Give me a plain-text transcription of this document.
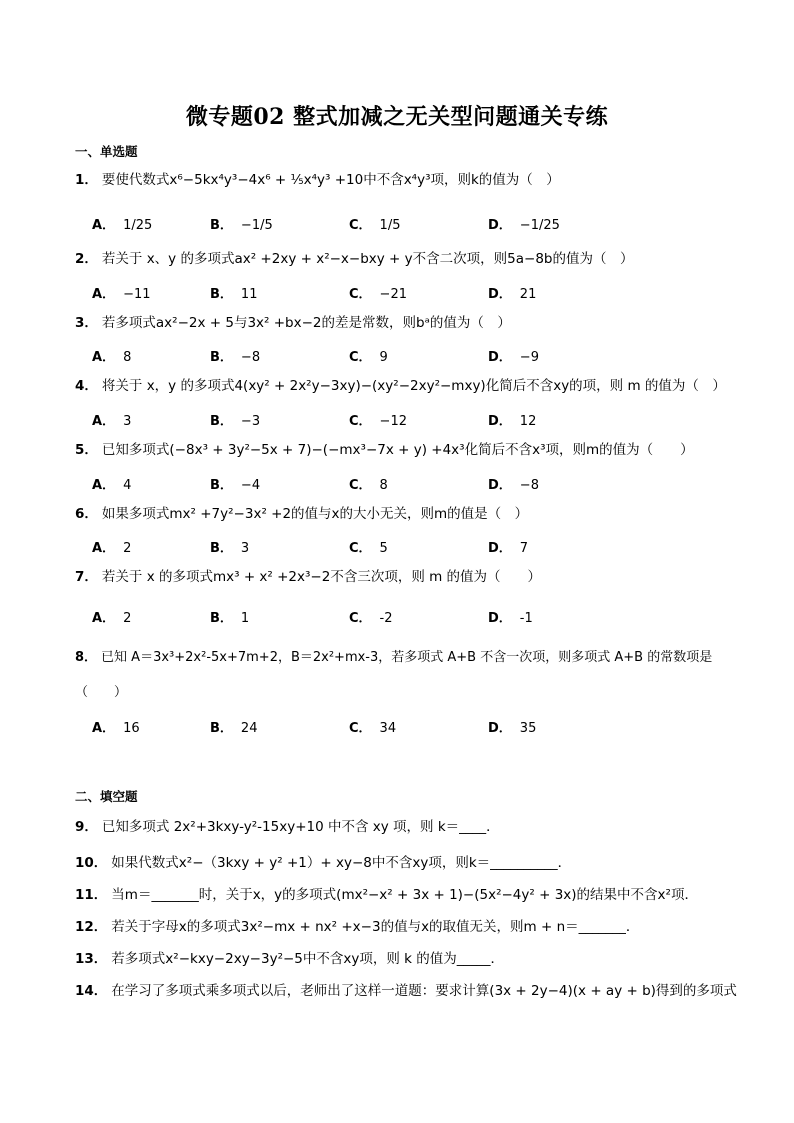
微专题02 整式加减之无关型问题通关专练
一、单选题
1． 要使代数式x⁶−5kx⁴y³−4x⁶ + ⅕x⁴y³ +10中不含x⁴y³项，则k的值为（　）
A． 1/25	B． −1/5	C． 1/5	D． −1/25
2． 若关于 x、y 的多项式ax² +2xy + x²−x−bxy + y不含二次项，则5a−8b的值为（　）
A． −11	B． 11	C． −21	D． 21
3． 若多项式ax²−2x + 5与3x² +bx−2的差是常数，则bᵃ的值为（　）
A． 8	B． −8	C． 9	D． −9
4． 将关于 x，y 的多项式4(xy² + 2x²y−3xy)−(xy²−2xy²−mxy)化简后不含xy的项，则 m 的值为（　）
A． 3	B． −3	C． −12	D． 12
5． 已知多项式(−8x³ + 3y²−5x + 7)−(−mx³−7x + y) +4x³化简后不含x³项，则m的值为（　　）
A． 4	B． −4	C． 8	D． −8
6． 如果多项式mx² +7y²−3x² +2的值与x的大小无关，则m的值是（　）
A． 2	B． 3	C． 5	D． 7
7． 若关于 x 的多项式mx³ + x² +2x³−2不含三次项，则 m 的值为（　　）
A． 2	B． 1	C． -2	D． -1
8． 已知 A＝3x³+2x²-5x+7m+2，B＝2x²+mx-3，若多项式 A+B 不含一次项，则多项式 A+B 的常数项是
（　　）
A． 16	B． 24	C． 34	D． 35
二、填空题
9． 已知多项式 2x²+3kxy-y²-15xy+10 中不含 xy 项，则 k＝____．
10． 如果代数式x²−（3kxy + y² +1）+ xy−8中不含xy项，则k＝__________．
11． 当m＝_______时，关于x，y的多项式(mx²−x² + 3x + 1)−(5x²−4y² + 3x)的结果中不含x²项．
12． 若关于字母x的多项式3x²−mx + nx² +x−3的值与x的取值无关，则m + n＝_______．
13． 若多项式x²−kxy−2xy−3y²−5中不含xy项，则 k 的值为_____．
14． 在学习了多项式乘多项式以后，老师出了这样一道题：要求计算(3x + 2y−4)(x + ay + b)得到的多项式
